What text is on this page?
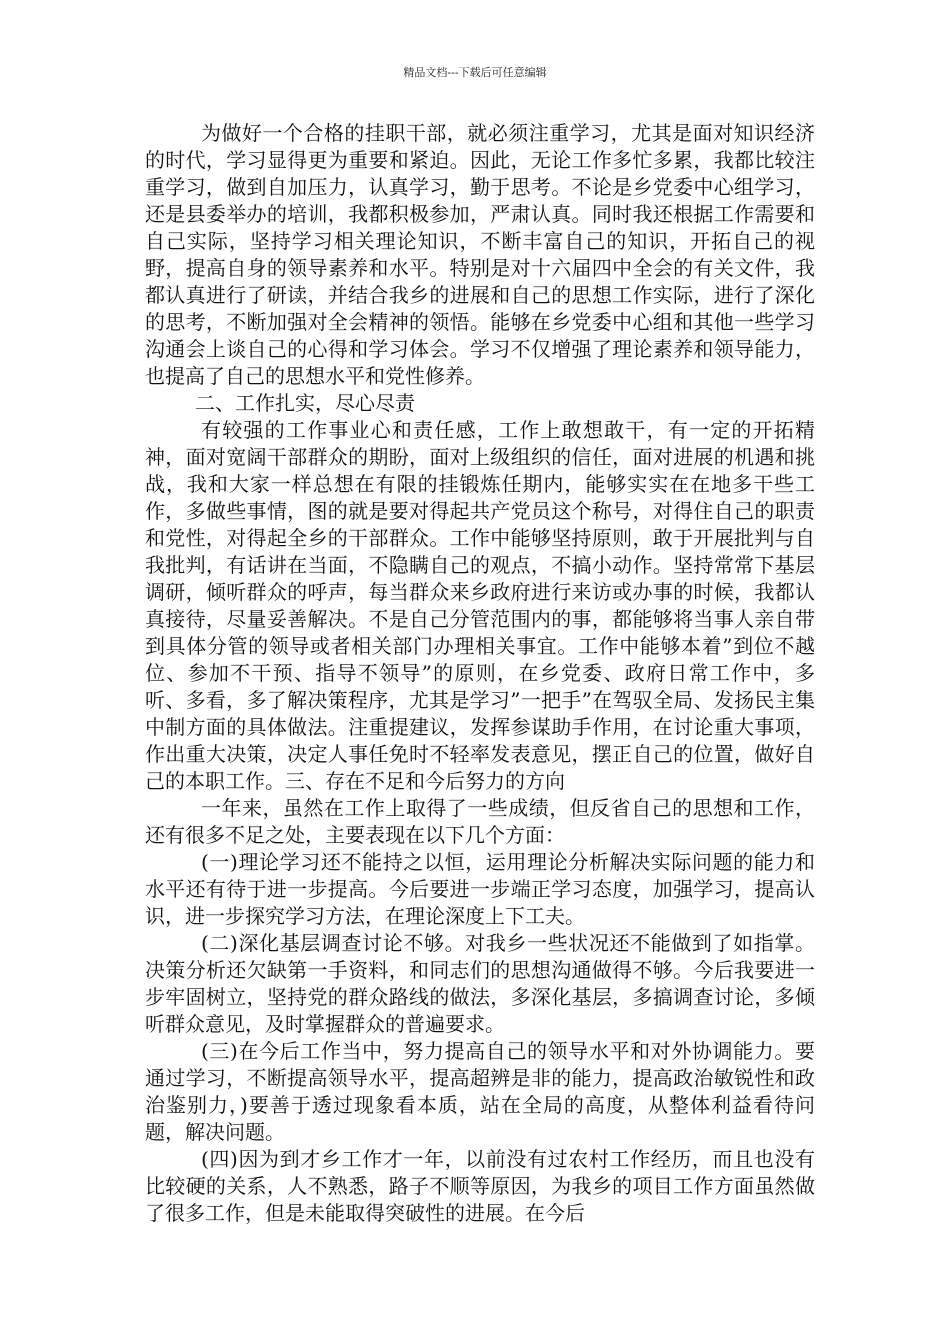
精品文档---下载后可任意编辑

为做好一个合格的挂职干部，就必须注重学习，尤其是面对知识经济的时代，学习显得更为重要和紧迫。因此，无论工作多忙多累，我都比较注重学习，做到自加压力，认真学习，勤于思考。不论是乡党委中心组学习，还是县委举办的培训，我都积极参加，严肃认真。同时我还根据工作需要和自己实际，坚持学习相关理论知识，不断丰富自己的知识，开拓自己的视野，提高自身的领导素养和水平。特别是对十六届四中全会的有关文件，我都认真进行了研读，并结合我乡的进展和自己的思想工作实际，进行了深化的思考，不断加强对全会精神的领悟。能够在乡党委中心组和其他一些学习沟通会上谈自己的心得和学习体会。学习不仅增强了理论素养和领导能力，也提高了自己的思想水平和党性修养。

二、工作扎实，尽心尽责

有较强的工作事业心和责任感，工作上敢想敢干，有一定的开拓精神，面对宽阔干部群众的期盼，面对上级组织的信任，面对进展的机遇和挑战，我和大家一样总想在有限的挂锻炼任期内，能够实实在在地多干些工作，多做些事情，图的就是要对得起共产党员这个称号，对得住自己的职责和党性，对得起全乡的干部群众。工作中能够坚持原则，敢于开展批判与自我批判，有话讲在当面，不隐瞒自己的观点，不搞小动作。坚持常常下基层调研，倾听群众的呼声，每当群众来乡政府进行来访或办事的时候，我都认真接待，尽量妥善解决。不是自己分管范围内的事，都能够将当事人亲自带到具体分管的领导或者相关部门办理相关事宜。工作中能够本着”到位不越位、参加不干预、指导不领导”的原则，在乡党委、政府日常工作中，多听、多看，多了解决策程序，尤其是学习”一把手”在驾驭全局、发扬民主集中制方面的具体做法。注重提建议，发挥参谋助手作用，在讨论重大事项，作出重大决策，决定人事任免时不轻率发表意见，摆正自己的位置，做好自己的本职工作。三、存在不足和今后努力的方向

一年来，虽然在工作上取得了一些成绩，但反省自己的思想和工作，还有很多不足之处，主要表现在以下几个方面：

(一)理论学习还不能持之以恒，运用理论分析解决实际问题的能力和水平还有待于进一步提高。今后要进一步端正学习态度，加强学习，提高认识，进一步探究学习方法，在理论深度上下工夫。

(二)深化基层调查讨论不够。对我乡一些状况还不能做到了如指掌。决策分析还欠缺第一手资料，和同志们的思想沟通做得不够。今后我要进一步牢固树立，坚持党的群众路线的做法，多深化基层，多搞调查讨论，多倾听群众意见，及时掌握群众的普遍要求。

(三)在今后工作当中，努力提高自己的领导水平和对外协调能力。要通过学习，不断提高领导水平，提高超辨是非的能力，提高政治敏锐性和政治鉴别力，)要善于透过现象看本质，站在全局的高度，从整体利益看待问题，解决问题。

(四)因为到才乡工作才一年，以前没有过农村工作经历，而且也没有比较硬的关系，人不熟悉，路子不顺等原因，为我乡的项目工作方面虽然做了很多工作，但是未能取得突破性的进展。在今后
